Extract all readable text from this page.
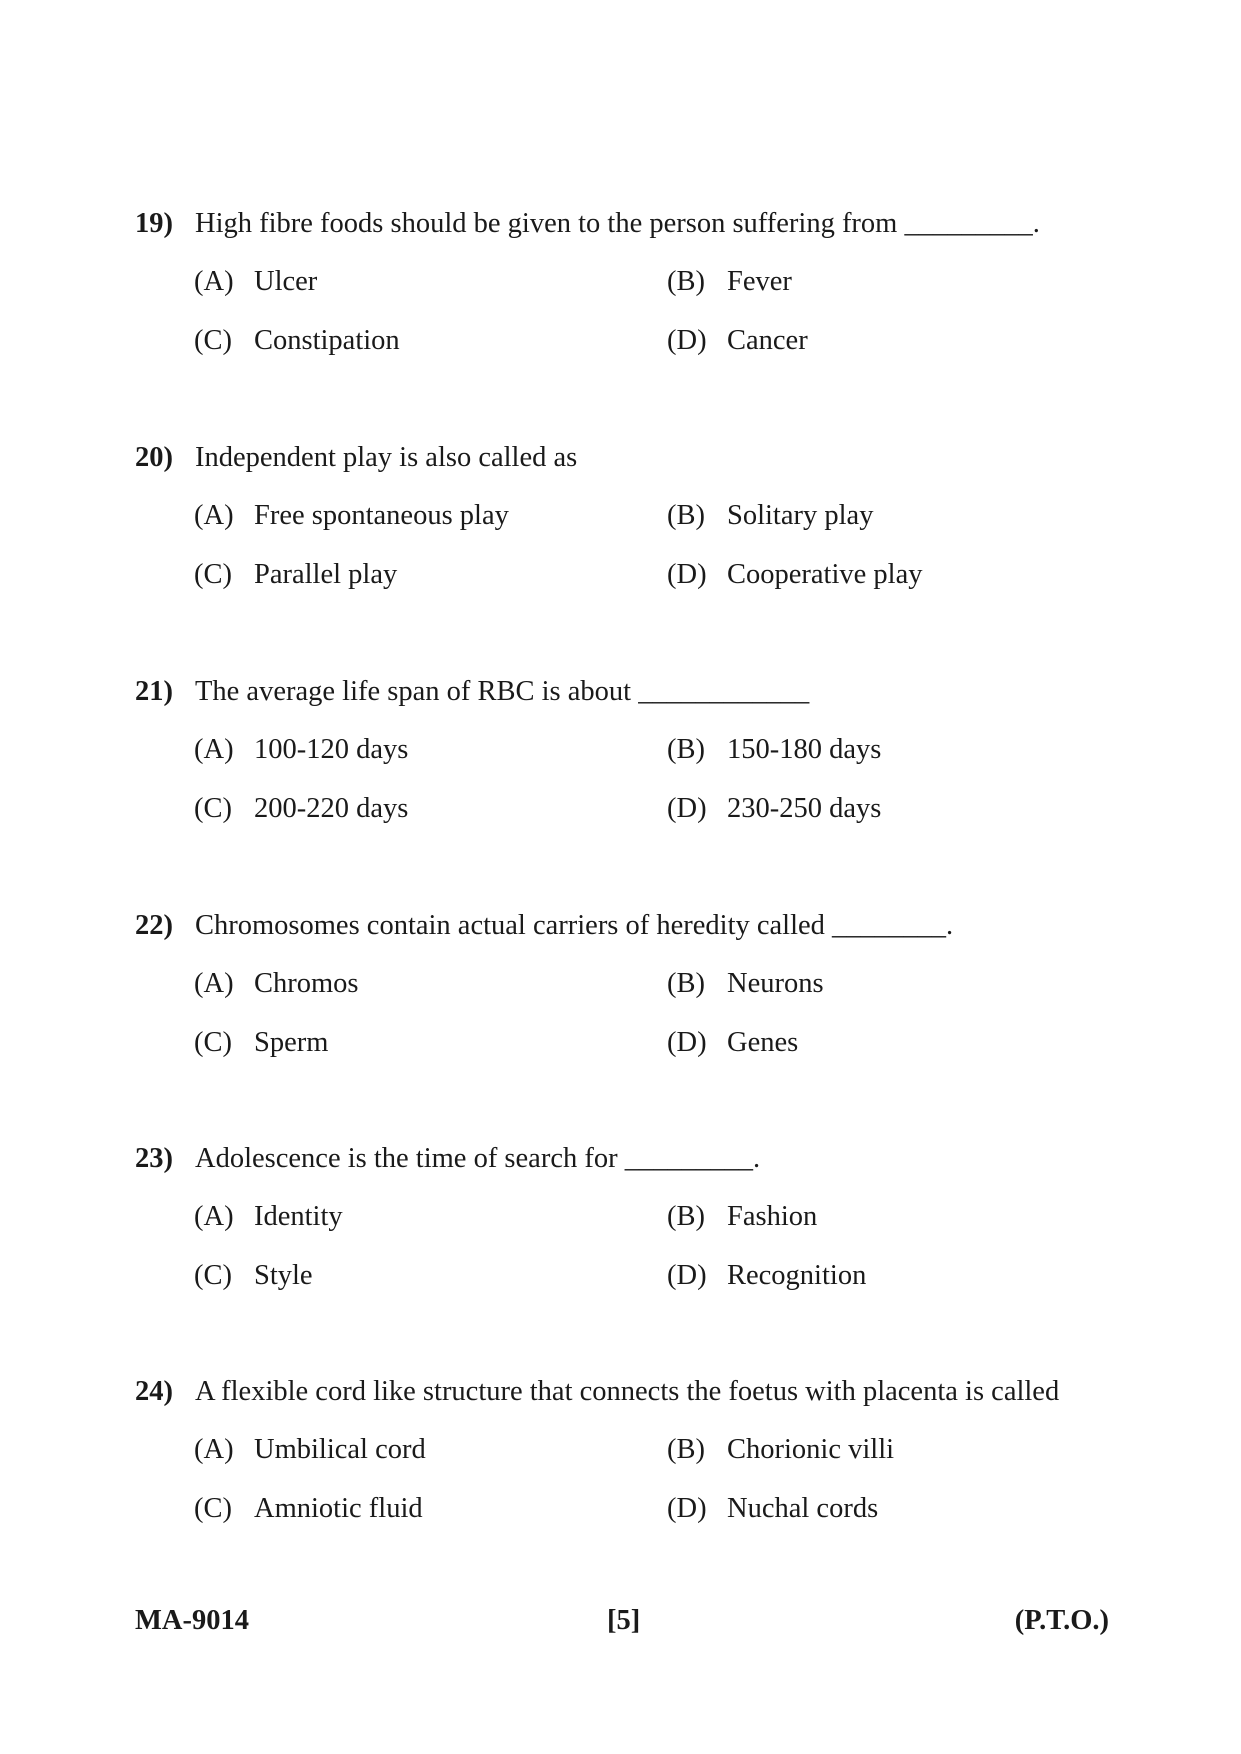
19) High fibre foods should be given to the person suffering from _________.
(A) Ulcer	(B) Fever
(C) Constipation	(D) Cancer
20) Independent play is also called as
(A) Free spontaneous play	(B) Solitary play
(C) Parallel play	(D) Cooperative play
21) The average life span of RBC is about ____________
(A) 100-120 days	(B) 150-180 days
(C) 200-220 days	(D) 230-250 days
22) Chromosomes contain actual carriers of heredity called ________.
(A) Chromos	(B) Neurons
(C) Sperm	(D) Genes
23) Adolescence is the time of search for _________.
(A) Identity	(B) Fashion
(C) Style	(D) Recognition
24) A flexible cord like structure that connects the foetus with placenta is called
(A) Umbilical cord	(B) Chorionic villi
(C) Amniotic fluid	(D) Nuchal cords
MA-9014	[5]	(P.T.O.)
